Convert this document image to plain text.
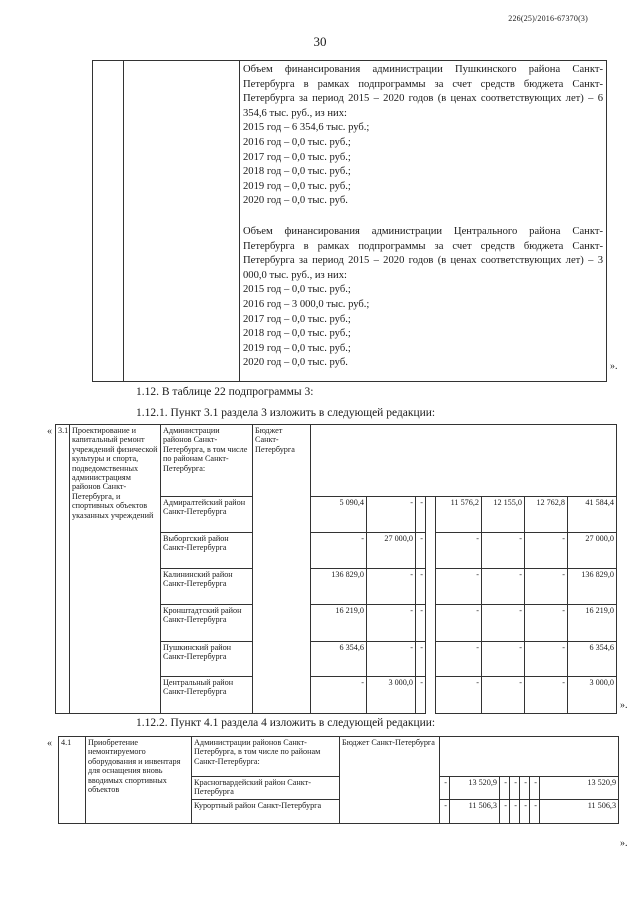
226(25)/2016-67370(3)
30
Объем финансирования администрации Пушкинского района Санкт-Петербурга в рамках подпрограммы за счет средств бюджета Санкт-Петербурга за период 2015 – 2020 годов (в ценах соответствующих лет) – 6 354,6 тыс. руб., из них:
2015 год – 6 354,6 тыс. руб.;
2016 год – 0,0 тыс. руб.;
2017 год – 0,0 тыс. руб.;
2018 год – 0,0 тыс. руб.;
2019 год – 0,0 тыс. руб.;
2020 год – 0,0 тыс. руб.
Объем финансирования администрации Центрального района Санкт-Петербурга в рамках подпрограммы за счет средств бюджета Санкт-Петербурга за период 2015 – 2020 годов (в ценах соответствующих лет) – 3 000,0 тыс. руб., из них:
2015 год – 0,0 тыс. руб.;
2016 год – 3 000,0 тыс. руб.;
2017 год – 0,0 тыс. руб.;
2018 год – 0,0 тыс. руб.;
2019 год – 0,0 тыс. руб.;
2020 год – 0,0 тыс. руб.	».
1.12. В таблице 22 подпрограммы 3:
1.12.1. Пункт 3.1 раздела 3 изложить в следующей редакции:
« 3.1	Проектирование и капитальный ремонт учреждений физической культуры и спорта, подведомственных администрациям районов Санкт-Петербурга, и спортивных объектов указанных учреждений	Администрации районов Санкт-Петербурга, в том числе по районам Санкт-Петербурга:	Бюджет Санкт-Петербурга								
		Адмиралтейский район Санкт-Петербурга		5 090,4	-	-		11 576,2	12 155,0	12 762,8	41 584,4
		Выборгский район Санкт-Петербурга		-	27 000,0	-		-	-	-	27 000,0
		Калининский район Санкт-Петербурга		136 829,0	-	-		-	-	-	136 829,0
		Кронштадтский район Санкт-Петербурга		16 219,0	-	-		-	-	-	16 219,0
		Пушкинский район Санкт-Петербурга		6 354,6	-	-		-	-	-	6 354,6
		Центральный район Санкт-Петербурга		-	3 000,0	-		-	-	-	3 000,0
».
1.12.2. Пункт 4.1 раздела 4 изложить в следующей редакции:
« 4.1	Приобретение немонтируемого оборудования и инвентаря для оснащения вновь вводимых спортивных объектов	Администрации районов Санкт-Петербурга, в том числе по районам Санкт-Петербурга:	Бюджет Санкт-Петербурга							
		Красногвардейский район Санкт-Петербурга		-	13 520,9	-	-	-	-	13 520,9
		Курортный район Санкт-Петербурга		-	11 506,3	-	-	-	-	11 506,3
».
